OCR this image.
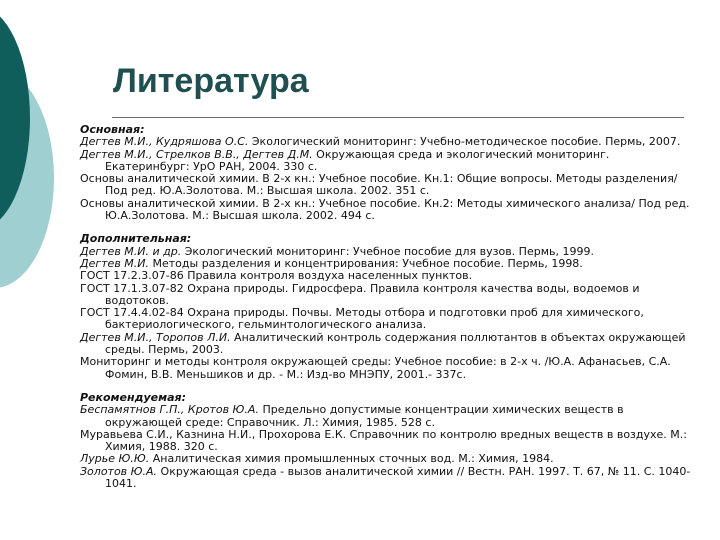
Литература
Основная:
Дегтев М.И., Кудряшова О.С. Экологический мониторинг: Учебно-методическое пособие. Пермь, 2007.
Дегтев М.И., Стрелков В.В., Дегтев Д.М. Окружающая среда и экологический мониторинг. Екатеринбург: УрО РАН, 2004. 330 с.
Основы аналитической химии. В 2-х кн.: Учебное пособие. Кн.1: Общие вопросы. Методы разделения/ Под ред. Ю.А.Золотова. М.: Высшая школа. 2002. 351 с.
Основы аналитической химии. В 2-х кн.: Учебное пособие. Кн.2: Методы химического анализа/ Под ред. Ю.А.Золотова. М.: Высшая школа. 2002. 494 с.
Дополнительная:
Дегтев М.И. и др. Экологический мониторинг: Учебное пособие для вузов. Пермь, 1999.
Дегтев М.И. Методы разделения и концентрирования: Учебное пособие. Пермь, 1998.
ГОСТ 17.2.3.07-86 Правила контроля воздуха населенных пунктов.
ГОСТ 17.1.3.07-82 Охрана природы. Гидросфера. Правила контроля качества воды, водоемов и водотоков.
ГОСТ 17.4.4.02-84 Охрана природы. Почвы. Методы отбора и подготовки проб для химического, бактериологического, гельминтологического анализа.
Дегтев М.И., Торопов Л.И. Аналитический контроль содержания поллютантов в объектах окружающей среды. Пермь, 2003.
Мониторинг и методы контроля окружающей среды: Учебное пособие: в 2-х ч. /Ю.А. Афанасьев, С.А. Фомин, В.В. Меньшиков и др. - М.: Изд-во МНЭПУ, 2001.- 337с.
Рекомендуемая:
Беспамятнов Г.П., Кротов Ю.А. Предельно допустимые концентрации химических веществ в окружающей среде: Справочник. Л.: Химия, 1985. 528 с.
Муравьева С.И., Казнина Н.И., Прохорова Е.К. Справочник по контролю вредных веществ в воздухе. М.: Химия, 1988. 320 с.
Лурье Ю.Ю. Аналитическая химия промышленных сточных вод. М.: Химия, 1984.
Золотов Ю.А. Окружающая среда - вызов аналитической химии // Вестн. РАН. 1997. Т. 67, № 11. С. 1040-1041.
